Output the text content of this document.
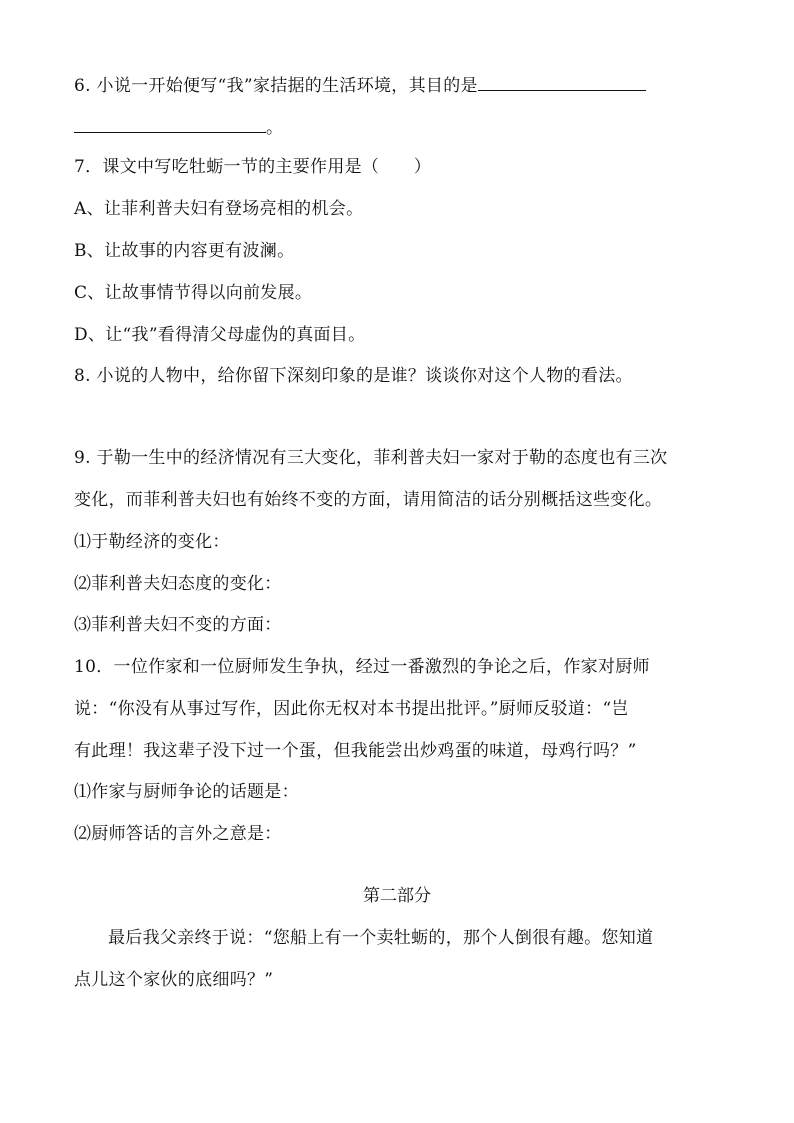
6. 小说一开始便写“我”家拮据的生活环境，其目的是
。
7．课文中写吃牡蛎一节的主要作用是（　　）
A、让菲利普夫妇有登场亮相的机会。
B、让故事的内容更有波澜。
C、让故事情节得以向前发展。
D、让“我”看得清父母虚伪的真面目。
8. 小说的人物中，给你留下深刻印象的是谁？谈谈你对这个人物的看法。
9. 于勒一生中的经济情况有三大变化，菲利普夫妇一家对于勒的态度也有三次
变化，而菲利普夫妇也有始终不变的方面，请用简洁的话分别概括这些变化。
⑴于勒经济的变化：
⑵菲利普夫妇态度的变化：
⑶菲利普夫妇不变的方面：
10．一位作家和一位厨师发生争执，经过一番激烈的争论之后，作家对厨师
说：“你没有从事过写作，因此你无权对本书提出批评。”厨师反驳道：“岂
有此理！我这辈子没下过一个蛋，但我能尝出炒鸡蛋的味道，母鸡行吗？”
⑴作家与厨师争论的话题是：
⑵厨师答话的言外之意是：
第二部分
最后我父亲终于说：“您船上有一个卖牡蛎的，那个人倒很有趣。您知道
点儿这个家伙的底细吗？”
